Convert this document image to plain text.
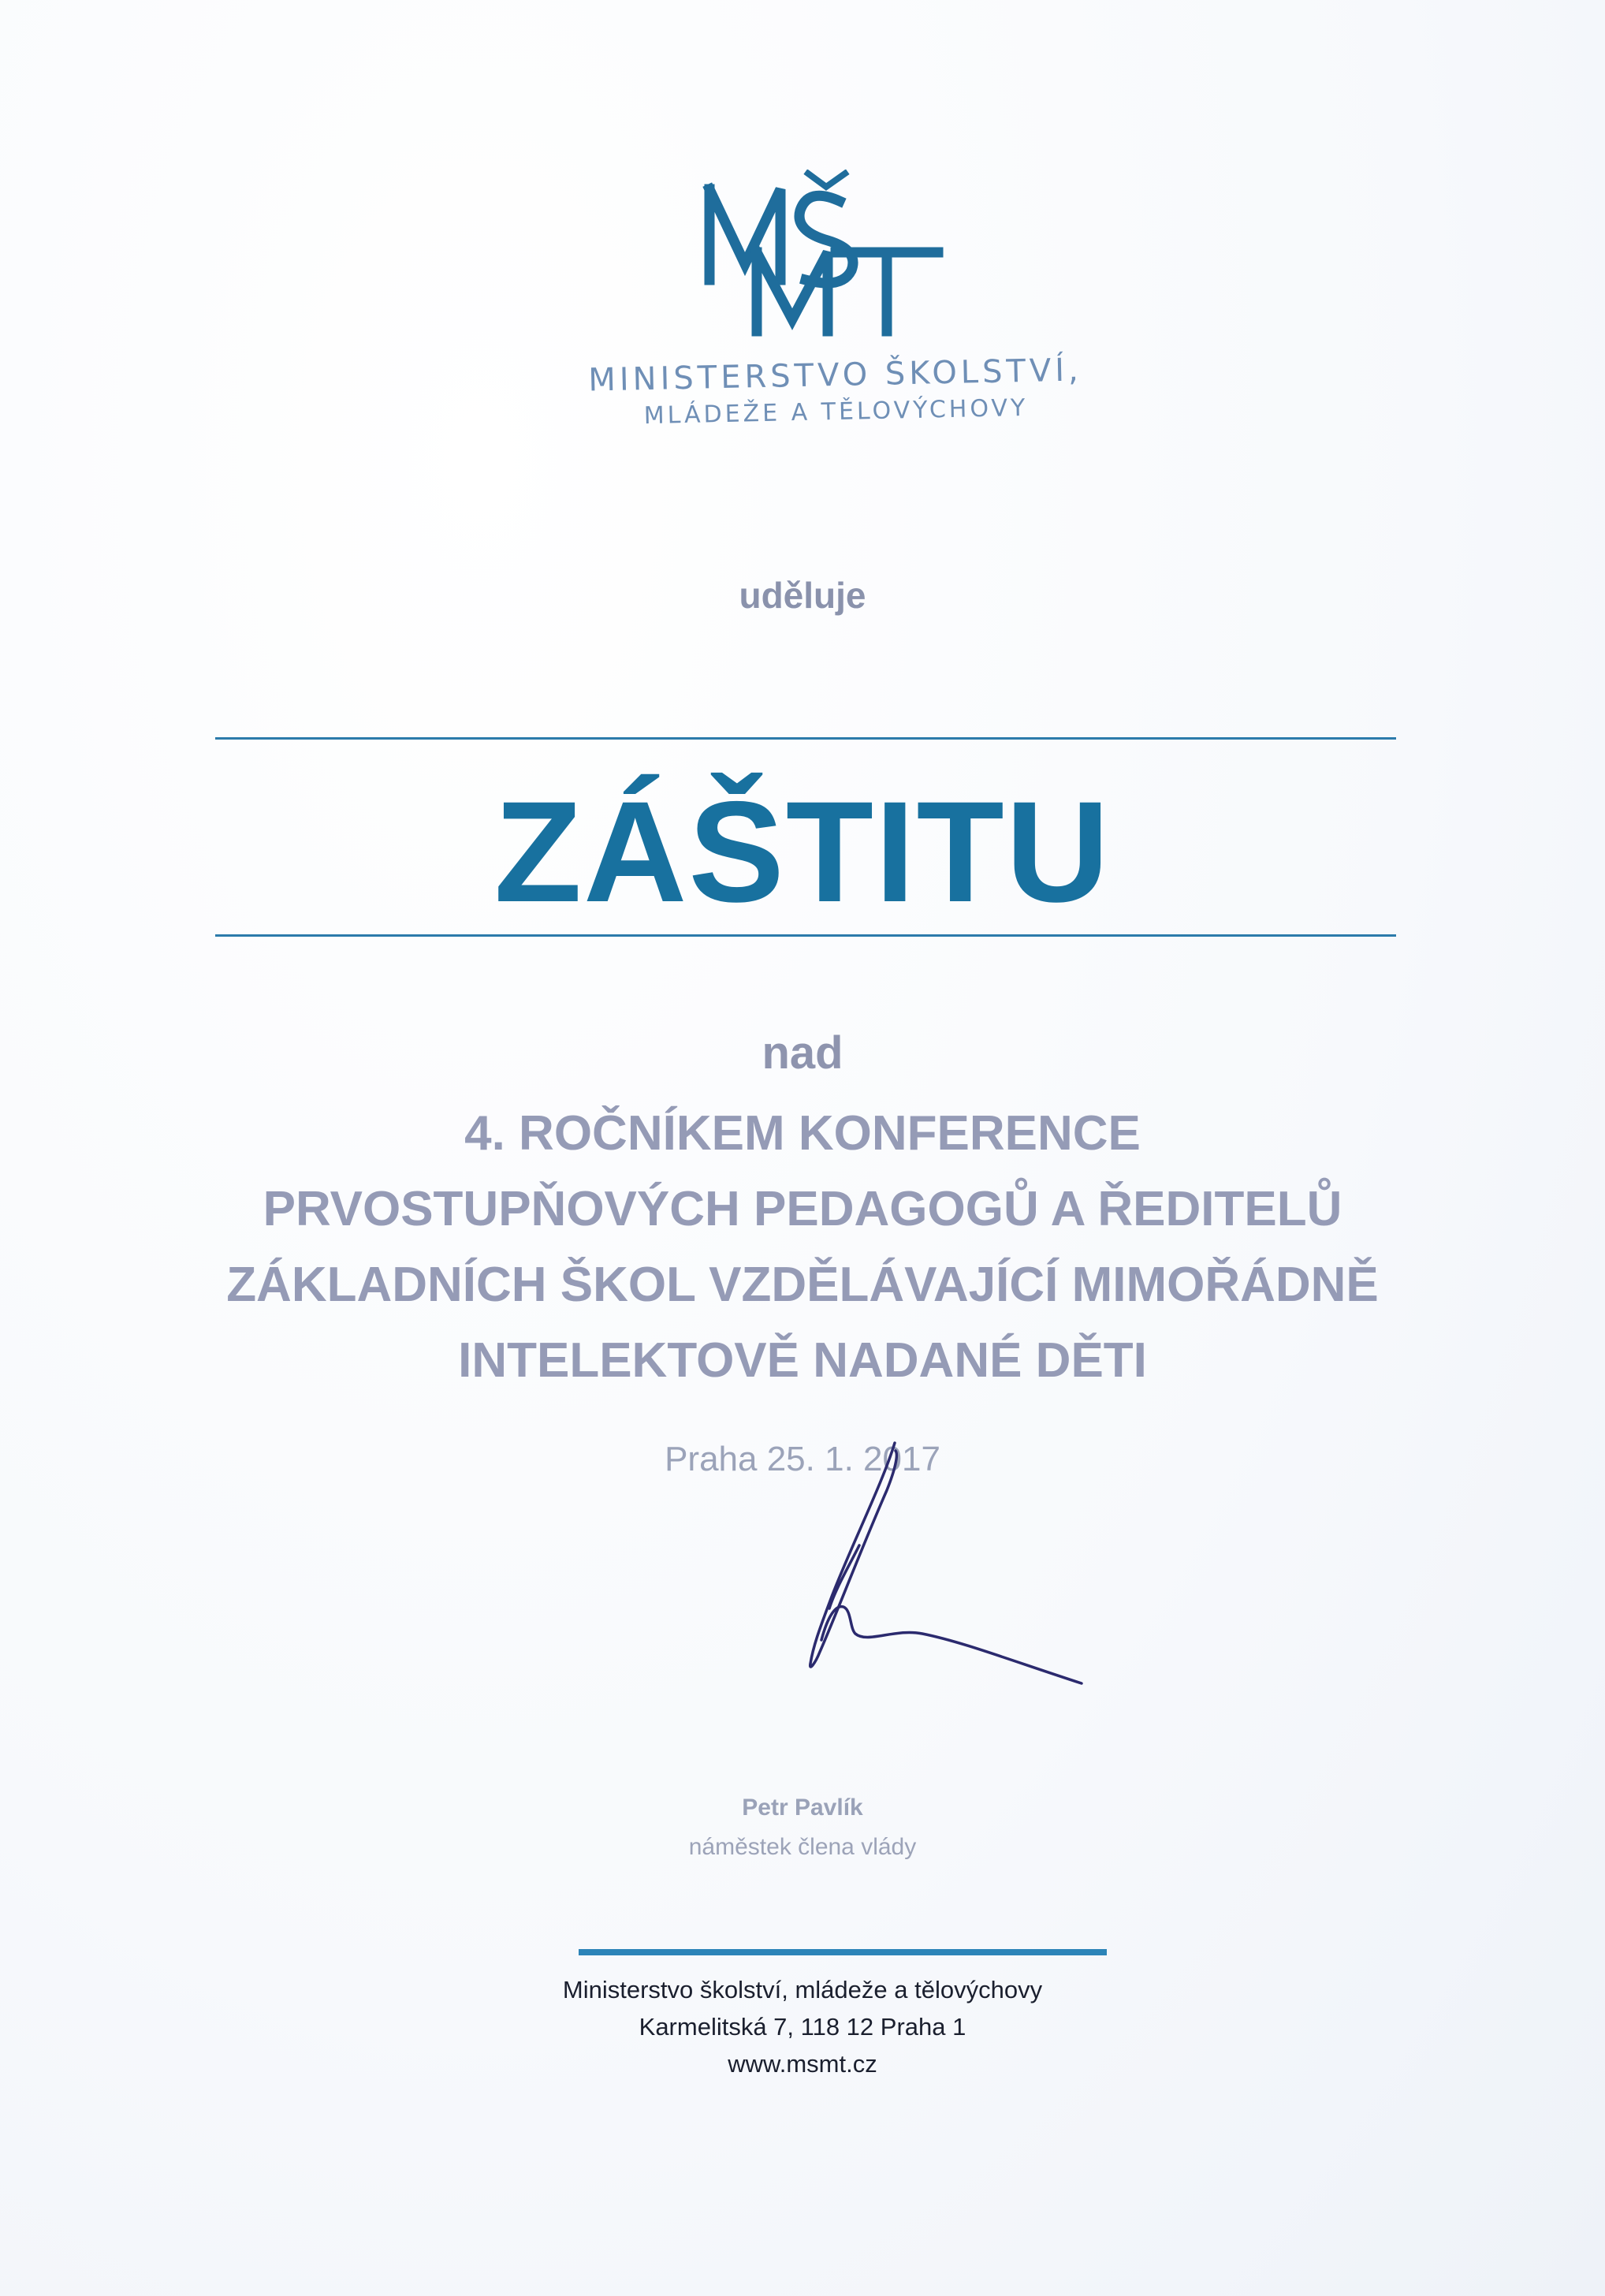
MINISTERSTVO ŠKOLSTVÍ,
MLÁDEŽE A TĚLOVÝCHOVY
uděluje
ZÁŠTITU
nad
4. ROČNÍKEM KONFERENCE
PRVOSTUPŇOVÝCH PEDAGOGŮ A ŘEDITELŮ
ZÁKLADNÍCH ŠKOL VZDĚLÁVAJÍCÍ MIMOŘÁDNĚ
INTELEKTOVĚ NADANÉ DĚTI
Praha 25. 1. 2017
Petr Pavlík
náměstek člena vlády
Ministerstvo školství, mládeže a tělovýchovy
Karmelitská 7, 118 12 Praha 1
www.msmt.cz
